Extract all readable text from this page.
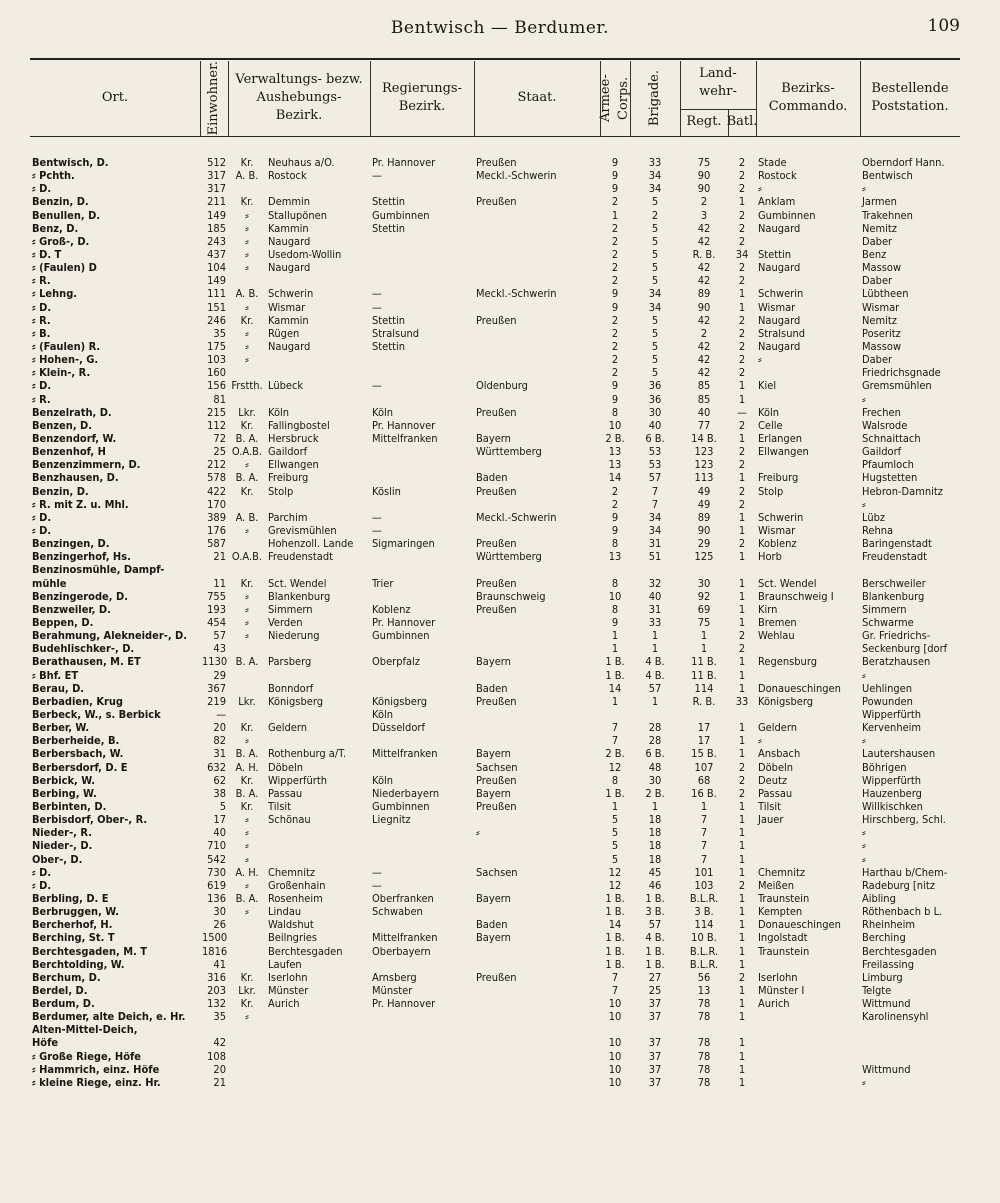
Bentwisch — Berdumer.	109
Ort.	Einwohner.	Verwaltungs- bezw. Aushebungs- Bezirk.
Regierungs- Bezirk.
Staat.	Armee-Corps. Brigade.	Land- wehr-
Regt. Batl.
Bezirks- Commando.
Bestellende Poststation.
Bentwisch, D.	512	Kr.	Neuhaus a/O.	Pr. Hannover	Preußen	9	33	75	2	Stade	Oberndorf Hann.
⸗ Pchth.	317	A. B.	Rostock	—	Meckl.-Schwerin	9	34	90	2	Rostock	Bentwisch
⸗ D.	317					9	34	90	2	⸗	⸗
Benzin, D.	211	Kr.	Demmin	Stettin	Preußen	2	5	2	1	Anklam	Jarmen
Benullen, D.	149	⸗	Stallupönen	Gumbinnen		1	2	3	2	Gumbinnen	Trakehnen
Benz, D.	185	⸗	Kammin	Stettin		2	5	42	2	Naugard	Nemitz
⸗ Groß-, D.	243	⸗	Naugard			2	5	42	2		Daber
⸗ D. T	437	⸗	Usedom-Wollin			2	5	R. B.	34	Stettin	Benz
⸗ (Faulen) D	104	⸗	Naugard			2	5	42	2	Naugard	Massow
⸗ R.	149					2	5	42	2		Daber
⸗ Lehng.	111	A. B.	Schwerin	—	Meckl.-Schwerin	9	34	89	1	Schwerin	Lübtheen
⸗ D.	151	⸗	Wismar	—		9	34	90	1	Wismar	Wismar
⸗ R.	246	Kr.	Kammin	Stettin	Preußen	2	5	42	2	Naugard	Nemitz
⸗ B.	35	⸗	Rügen	Stralsund		2	5	2	2	Stralsund	Poseritz
⸗ (Faulen) R.	175	⸗	Naugard	Stettin		2	5	42	2	Naugard	Massow
⸗ Hohen-, G.	103	⸗				2	5	42	2	⸗	Daber
⸗ Klein-, R.	160					2	5	42	2		Friedrichsgnade
⸗ D.	156	Frstth.	Lübeck	—	Oldenburg	9	36	85	1	Kiel	Gremsmühlen
⸗ R.	81					9	36	85	1		⸗
Benzelrath, D.	215	Lkr.	Köln	Köln	Preußen	8	30	40	—	Köln	Frechen
Benzen, D.	112	Kr.	Fallingbostel	Pr. Hannover		10	40	77	2	Celle	Walsrode
Benzendorf, W.	72	B. A.	Hersbruck	Mittelfranken	Bayern	2 B.	6 B.	14 B.	1	Erlangen	Schnaittach
Benzenhof, H	25	O.A.B.	Gaildorf		Württemberg	13	53	123	2	Ellwangen	Gaildorf
Benzenzimmern, D.	212	⸗	Ellwangen			13	53	123	2		Pfaumloch
Benzhausen, D.	578	B. A.	Freiburg		Baden	14	57	113	1	Freiburg	Hugstetten
Benzin, D.	422	Kr.	Stolp	Köslin	Preußen	2	7	49	2	Stolp	Hebron-Damnitz
⸗ R. mit Z. u. Mhl.	170					2	7	49	2		⸗
⸗ D.	389	A. B.	Parchim	—	Meckl.-Schwerin	9	34	89	1	Schwerin	Lübz
⸗ D.	176	⸗	Grevismühlen	—		9	34	90	1	Wismar	Rehna
Benzingen, D.	587		Hohenzoll. Lande	Sigmaringen	Preußen	8	31	29	2	Koblenz	Baringenstadt
Benzingerhof, Hs.	21	O.A.B.	Freudenstadt		Württemberg	13	51	125	1	Horb	Freudenstadt
Benzinosmühle, Dampf-											
mühle	11	Kr.	Sct. Wendel	Trier	Preußen	8	32	30	1	Sct. Wendel	Berschweiler
Benzingerode, D.	755	⸗	Blankenburg		Braunschweig	10	40	92	1	Braunschweig I	Blankenburg
Benzweiler, D.	193	⸗	Simmern	Koblenz	Preußen	8	31	69	1	Kirn	Simmern
Beppen, D.	454	⸗	Verden	Pr. Hannover		9	33	75	1	Bremen	Schwarme
Berahmung, Alekneider-, D.	57	⸗	Niederung	Gumbinnen		1	1	1	2	Wehlau	Gr. Friedrichs-
Budehlischker-, D.	43					1	1	1	2		Seckenburg [dorf
Berathausen, M. ET	1130	B. A.	Parsberg	Oberpfalz	Bayern	1 B.	4 B.	11 B.	1	Regensburg	Beratzhausen
⸗ Bhf. ET	29					1 B.	4 B.	11 B.	1		⸗
Berau, D.	367		Bonndorf		Baden	14	57	114	1	Donaueschingen	Uehlingen
Berbadien, Krug	219	Lkr.	Königsberg	Königsberg	Preußen	1	1	R. B.	33	Königsberg	Powunden
Berbeck, W., s. Berbick	—			Köln							Wipperfürth
Berber, W.	20	Kr.	Geldern	Düsseldorf		7	28	17	1	Geldern	Kervenheim
Berberheide, B.	82	⸗				7	28	17	1	⸗	⸗
Berbersbach, W.	31	B. A.	Rothenburg a/T.	Mittelfranken	Bayern	2 B.	6 B.	15 B.	1	Ansbach	Lautershausen
Berbersdorf, D. E	632	A. H.	Döbeln		Sachsen	12	48	107	2	Döbeln	Böhrigen
Berbick, W.	62	Kr.	Wipperfürth	Köln	Preußen	8	30	68	2	Deutz	Wipperfürth
Berbing, W.	38	B. A.	Passau	Niederbayern	Bayern	1 B.	2 B.	16 B.	2	Passau	Hauzenberg
Berbinten, D.	5	Kr.	Tilsit	Gumbinnen	Preußen	1	1	1	1	Tilsit	Willkischken
Berbisdorf, Ober-, R.	17	⸗	Schönau	Liegnitz		5	18	7	1	Jauer	Hirschberg, Schl.
Nieder-, R.	40	⸗			⸗	5	18	7	1		⸗
Nieder-, D.	710	⸗				5	18	7	1		⸗
Ober-, D.	542	⸗				5	18	7	1		⸗
⸗ D.	730	A. H.	Chemnitz	—	Sachsen	12	45	101	1	Chemnitz	Harthau b/Chem-
⸗ D.	619	⸗	Großenhain	—		12	46	103	2	Meißen	Radeburg [nitz
Berbling, D. E	136	B. A.	Rosenheim	Oberfranken	Bayern	1 B.	1 B.	B.L.R.	1	Traunstein	Aibling
Berbruggen, W.	30	⸗	Lindau	Schwaben		1 B.	3 B.	3 B.	1	Kempten	Röthenbach b L.
Bercherhof, H.	26		Waldshut		Baden	14	57	114	1	Donaueschingen	Rheinheim
Berching, St. T	1500		Beilngries	Mittelfranken	Bayern	1 B.	4 B.	10 B.	1	Ingolstadt	Berching
Berchtesgaden, M. T	1816		Berchtesgaden	Oberbayern		1 B.	1 B.	B.L.R.	1	Traunstein	Berchtesgaden
Berchtolding, W.	41		Laufen			1 B.	1 B.	B.L.R.	1		Freilassing
Berchum, D.	316	Kr.	Iserlohn	Arnsberg	Preußen	7	27	56	2	Iserlohn	Limburg
Berdel, D.	203	Lkr.	Münster	Münster		7	25	13	1	Münster I	Telgte
Berdum, D.	132	Kr.	Aurich	Pr. Hannover		10	37	78	1	Aurich	Wittmund
Berdumer, alte Deich, e. Hr.	35	⸗				10	37	78	1		Karolinensyhl
Alten-Mittel-Deich,											
Höfe	42					10	37	78	1		
⸗ Große Riege, Höfe	108					10	37	78	1		
⸗ Hammrich, einz. Höfe	20					10	37	78	1		Wittmund
⸗ kleine Riege, einz. Hr.	21					10	37	78	1		⸗
